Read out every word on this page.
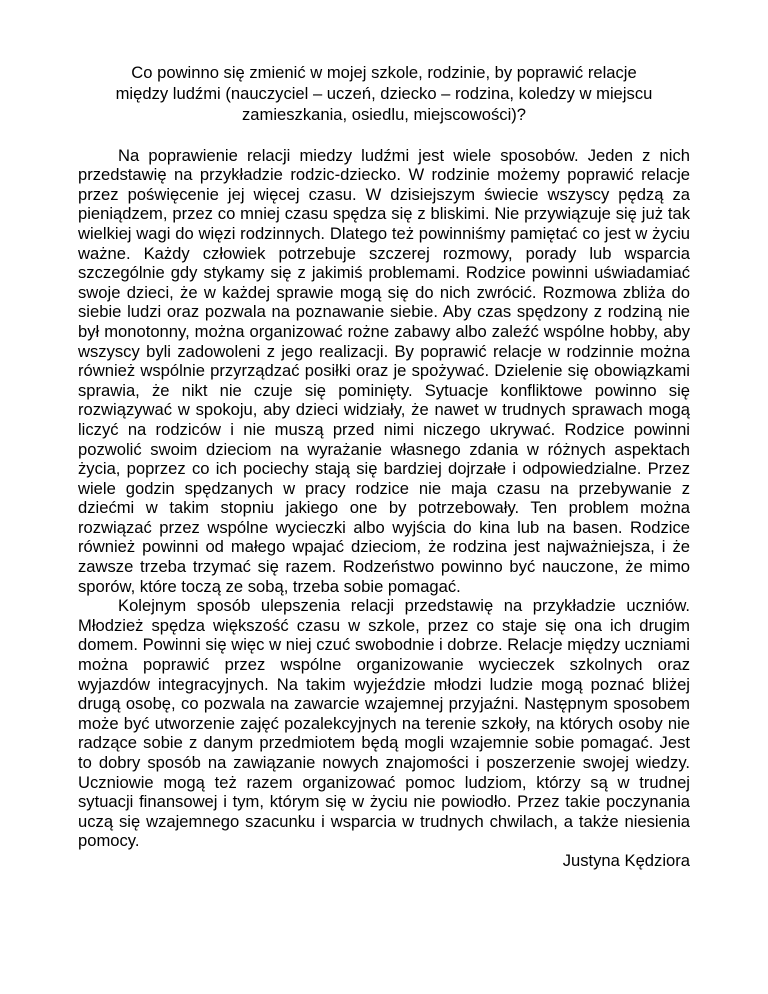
Co powinno się zmienić w mojej szkole, rodzinie, by poprawić relacje
między ludźmi (nauczyciel – uczeń, dziecko – rodzina, koledzy w miejscu
zamieszkania, osiedlu, miejscowości)?

Na poprawienie relacji miedzy ludźmi jest wiele sposobów. Jeden z nich przedstawię na przykładzie rodzic-dziecko. W rodzinie możemy poprawić relacje przez poświęcenie jej więcej czasu. W dzisiejszym świecie wszyscy pędzą za pieniądzem, przez co mniej czasu spędza się z bliskimi. Nie przywiązuje się już tak wielkiej wagi do więzi rodzinnych. Dlatego też powinniśmy pamiętać co jest w życiu ważne. Każdy człowiek potrzebuje szczerej rozmowy, porady lub wsparcia szczególnie gdy stykamy się z jakimiś problemami. Rodzice powinni uświadamiać swoje dzieci, że w każdej sprawie mogą się do nich zwrócić. Rozmowa zbliża do siebie ludzi oraz pozwala na poznawanie siebie. Aby czas spędzony z rodziną nie był monotonny, można organizować rożne zabawy albo zaleźć wspólne hobby, aby wszyscy byli zadowoleni z jego realizacji. By poprawić relacje w rodzinnie można również wspólnie przyrządzać posiłki oraz je spożywać. Dzielenie się obowiązkami sprawia, że nikt nie czuje się pominięty. Sytuacje konfliktowe powinno się rozwiązywać w spokoju, aby dzieci widziały, że nawet w trudnych sprawach mogą liczyć na rodziców i nie muszą przed nimi niczego ukrywać. Rodzice powinni pozwolić swoim dzieciom na wyrażanie własnego zdania w różnych aspektach życia, poprzez co ich pociechy stają się bardziej dojrzałe i odpowiedzialne. Przez wiele godzin spędzanych w pracy rodzice nie maja czasu na przebywanie z dziećmi w takim stopniu jakiego one by potrzebowały. Ten problem można rozwiązać przez wspólne wycieczki albo wyjścia do kina lub na basen. Rodzice również powinni od małego wpajać dzieciom, że rodzina jest najważniejsza, i że zawsze trzeba trzymać się razem. Rodzeństwo powinno być nauczone, że mimo sporów, które toczą ze sobą, trzeba sobie pomagać.

Kolejnym sposób ulepszenia relacji przedstawię na przykładzie uczniów. Młodzież spędza większość czasu w szkole, przez co staje się ona ich drugim domem. Powinni się więc w niej czuć swobodnie i dobrze. Relacje między uczniami można poprawić przez wspólne organizowanie wycieczek szkolnych oraz wyjazdów integracyjnych. Na takim wyjeździe młodzi ludzie mogą poznać bliżej drugą osobę, co pozwala na zawarcie wzajemnej przyjaźni. Następnym sposobem może być utworzenie zajęć pozalekcyjnych na terenie szkoły, na których osoby nie radzące sobie z danym przedmiotem będą mogli wzajemnie sobie pomagać. Jest to dobry sposób na zawiązanie nowych znajomości i poszerzenie swojej wiedzy. Uczniowie mogą też razem organizować pomoc ludziom, którzy są w trudnej sytuacji finansowej i tym, którym się w życiu nie powiodło. Przez takie poczynania uczą się wzajemnego szacunku i wsparcia w trudnych chwilach, a także niesienia pomocy.

Justyna Kędziora
